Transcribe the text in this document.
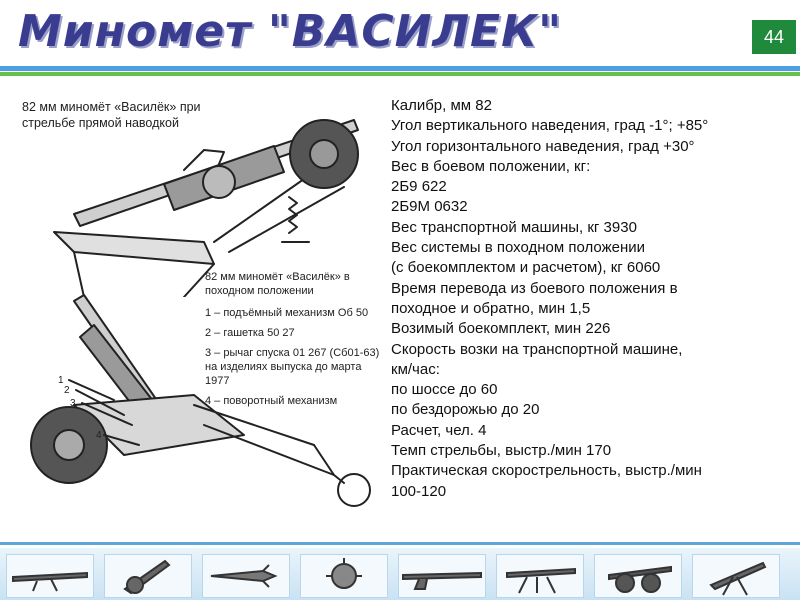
Миномет "ВАСИЛЕК"	44
1
2
3
4
82 мм миномёт «Василёк» при стрельбе прямой наводкой
82 мм миномёт «Василёк» в походном положении
1 – подъёмный механизм Об 50
2 – гашетка 50 27
3 – рычаг спуска 01 267 (Сб01-63) на изделиях выпуска до марта 1977
4 – поворотный механизм
Калибр, мм 82
Угол вертикального наведения, град -1°; +85°
Угол горизонтального наведения, град +30°
Вес в боевом положении, кг:
2Б9 622
2Б9М 0632
Вес транспортной машины, кг 3930
Вес системы в походном положении
(с боекомплектом и расчетом), кг 6060
Время перевода из боевого положения в
походное и обратно, мин 1,5
Возимый боекомплект, мин 226
Скорость возки на транспортной машине,
км/час:
по шоссе до 60
по бездорожью до 20
Расчет, чел. 4
Темп стрельбы, выстр./мин 170
Практическая скорострельность, выстр./мин
100-120
